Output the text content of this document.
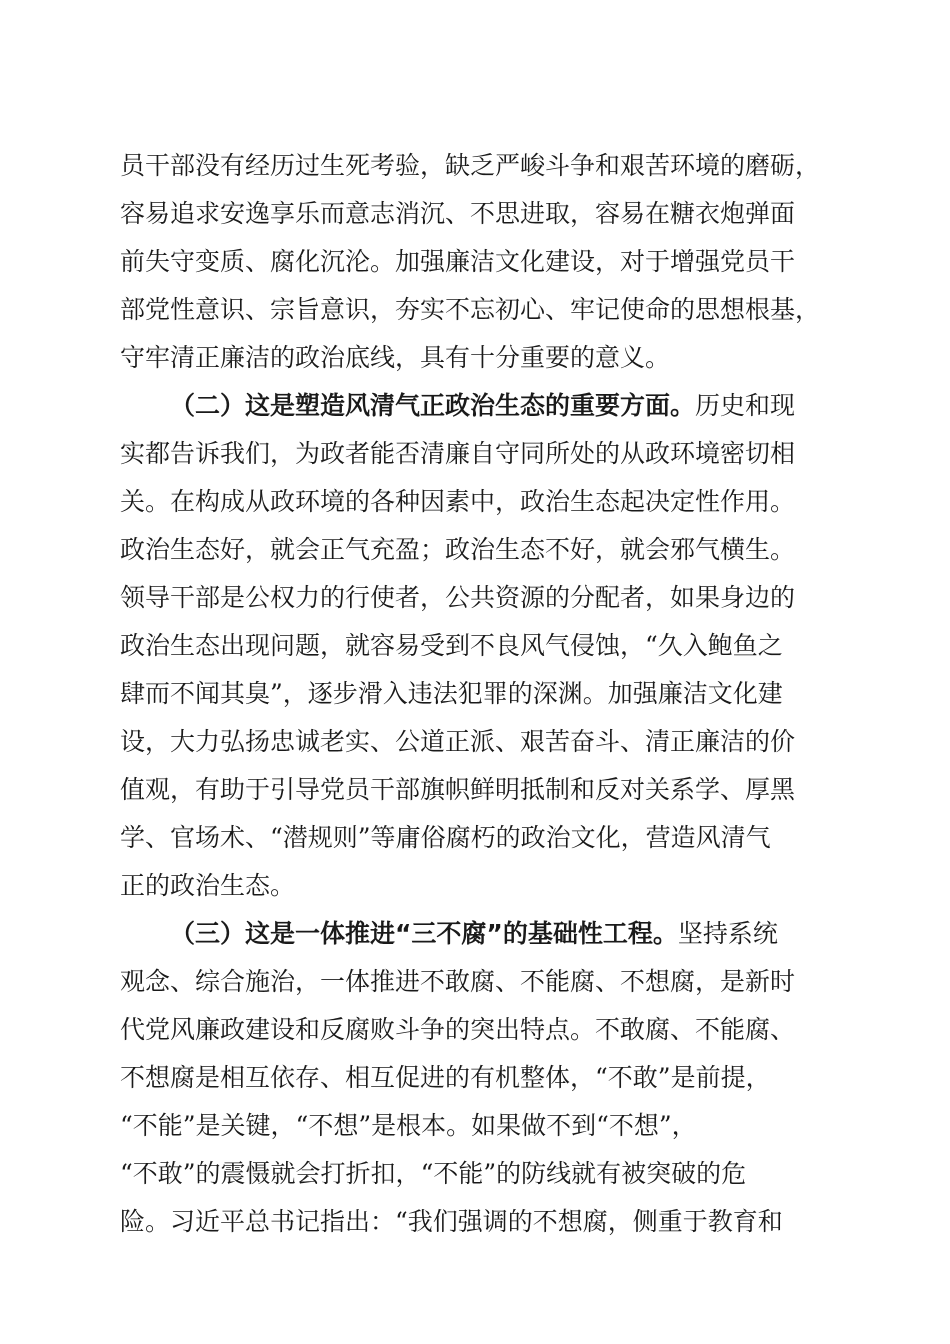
员干部没有经历过生死考验，缺乏严峻斗争和艰苦环境的磨砺，
容易追求安逸享乐而意志消沉、不思进取，容易在糖衣炮弹面
前失守变质、腐化沉沦。加强廉洁文化建设，对于增强党员干
部党性意识、宗旨意识，夯实不忘初心、牢记使命的思想根基，
守牢清正廉洁的政治底线，具有十分重要的意义。
（二）这是塑造风清气正政治生态的重要方面。历史和现
实都告诉我们，为政者能否清廉自守同所处的从政环境密切相
关。在构成从政环境的各种因素中，政治生态起决定性作用。
政治生态好，就会正气充盈；政治生态不好，就会邪气横生。
领导干部是公权力的行使者，公共资源的分配者，如果身边的
政治生态出现问题，就容易受到不良风气侵蚀，“久入鲍鱼之
肆而不闻其臭”，逐步滑入违法犯罪的深渊。加强廉洁文化建
设，大力弘扬忠诚老实、公道正派、艰苦奋斗、清正廉洁的价
值观，有助于引导党员干部旗帜鲜明抵制和反对关系学、厚黑
学、官场术、“潜规则”等庸俗腐朽的政治文化，营造风清气
正的政治生态。
（三）这是一体推进“三不腐”的基础性工程。坚持系统
观念、综合施治，一体推进不敢腐、不能腐、不想腐，是新时
代党风廉政建设和反腐败斗争的突出特点。不敢腐、不能腐、
不想腐是相互依存、相互促进的有机整体，“不敢”是前提，
“不能”是关键，“不想”是根本。如果做不到“不想”，
“不敢”的震慑就会打折扣，“不能”的防线就有被突破的危
险。习近平总书记指出：“我们强调的不想腐，侧重于教育和
